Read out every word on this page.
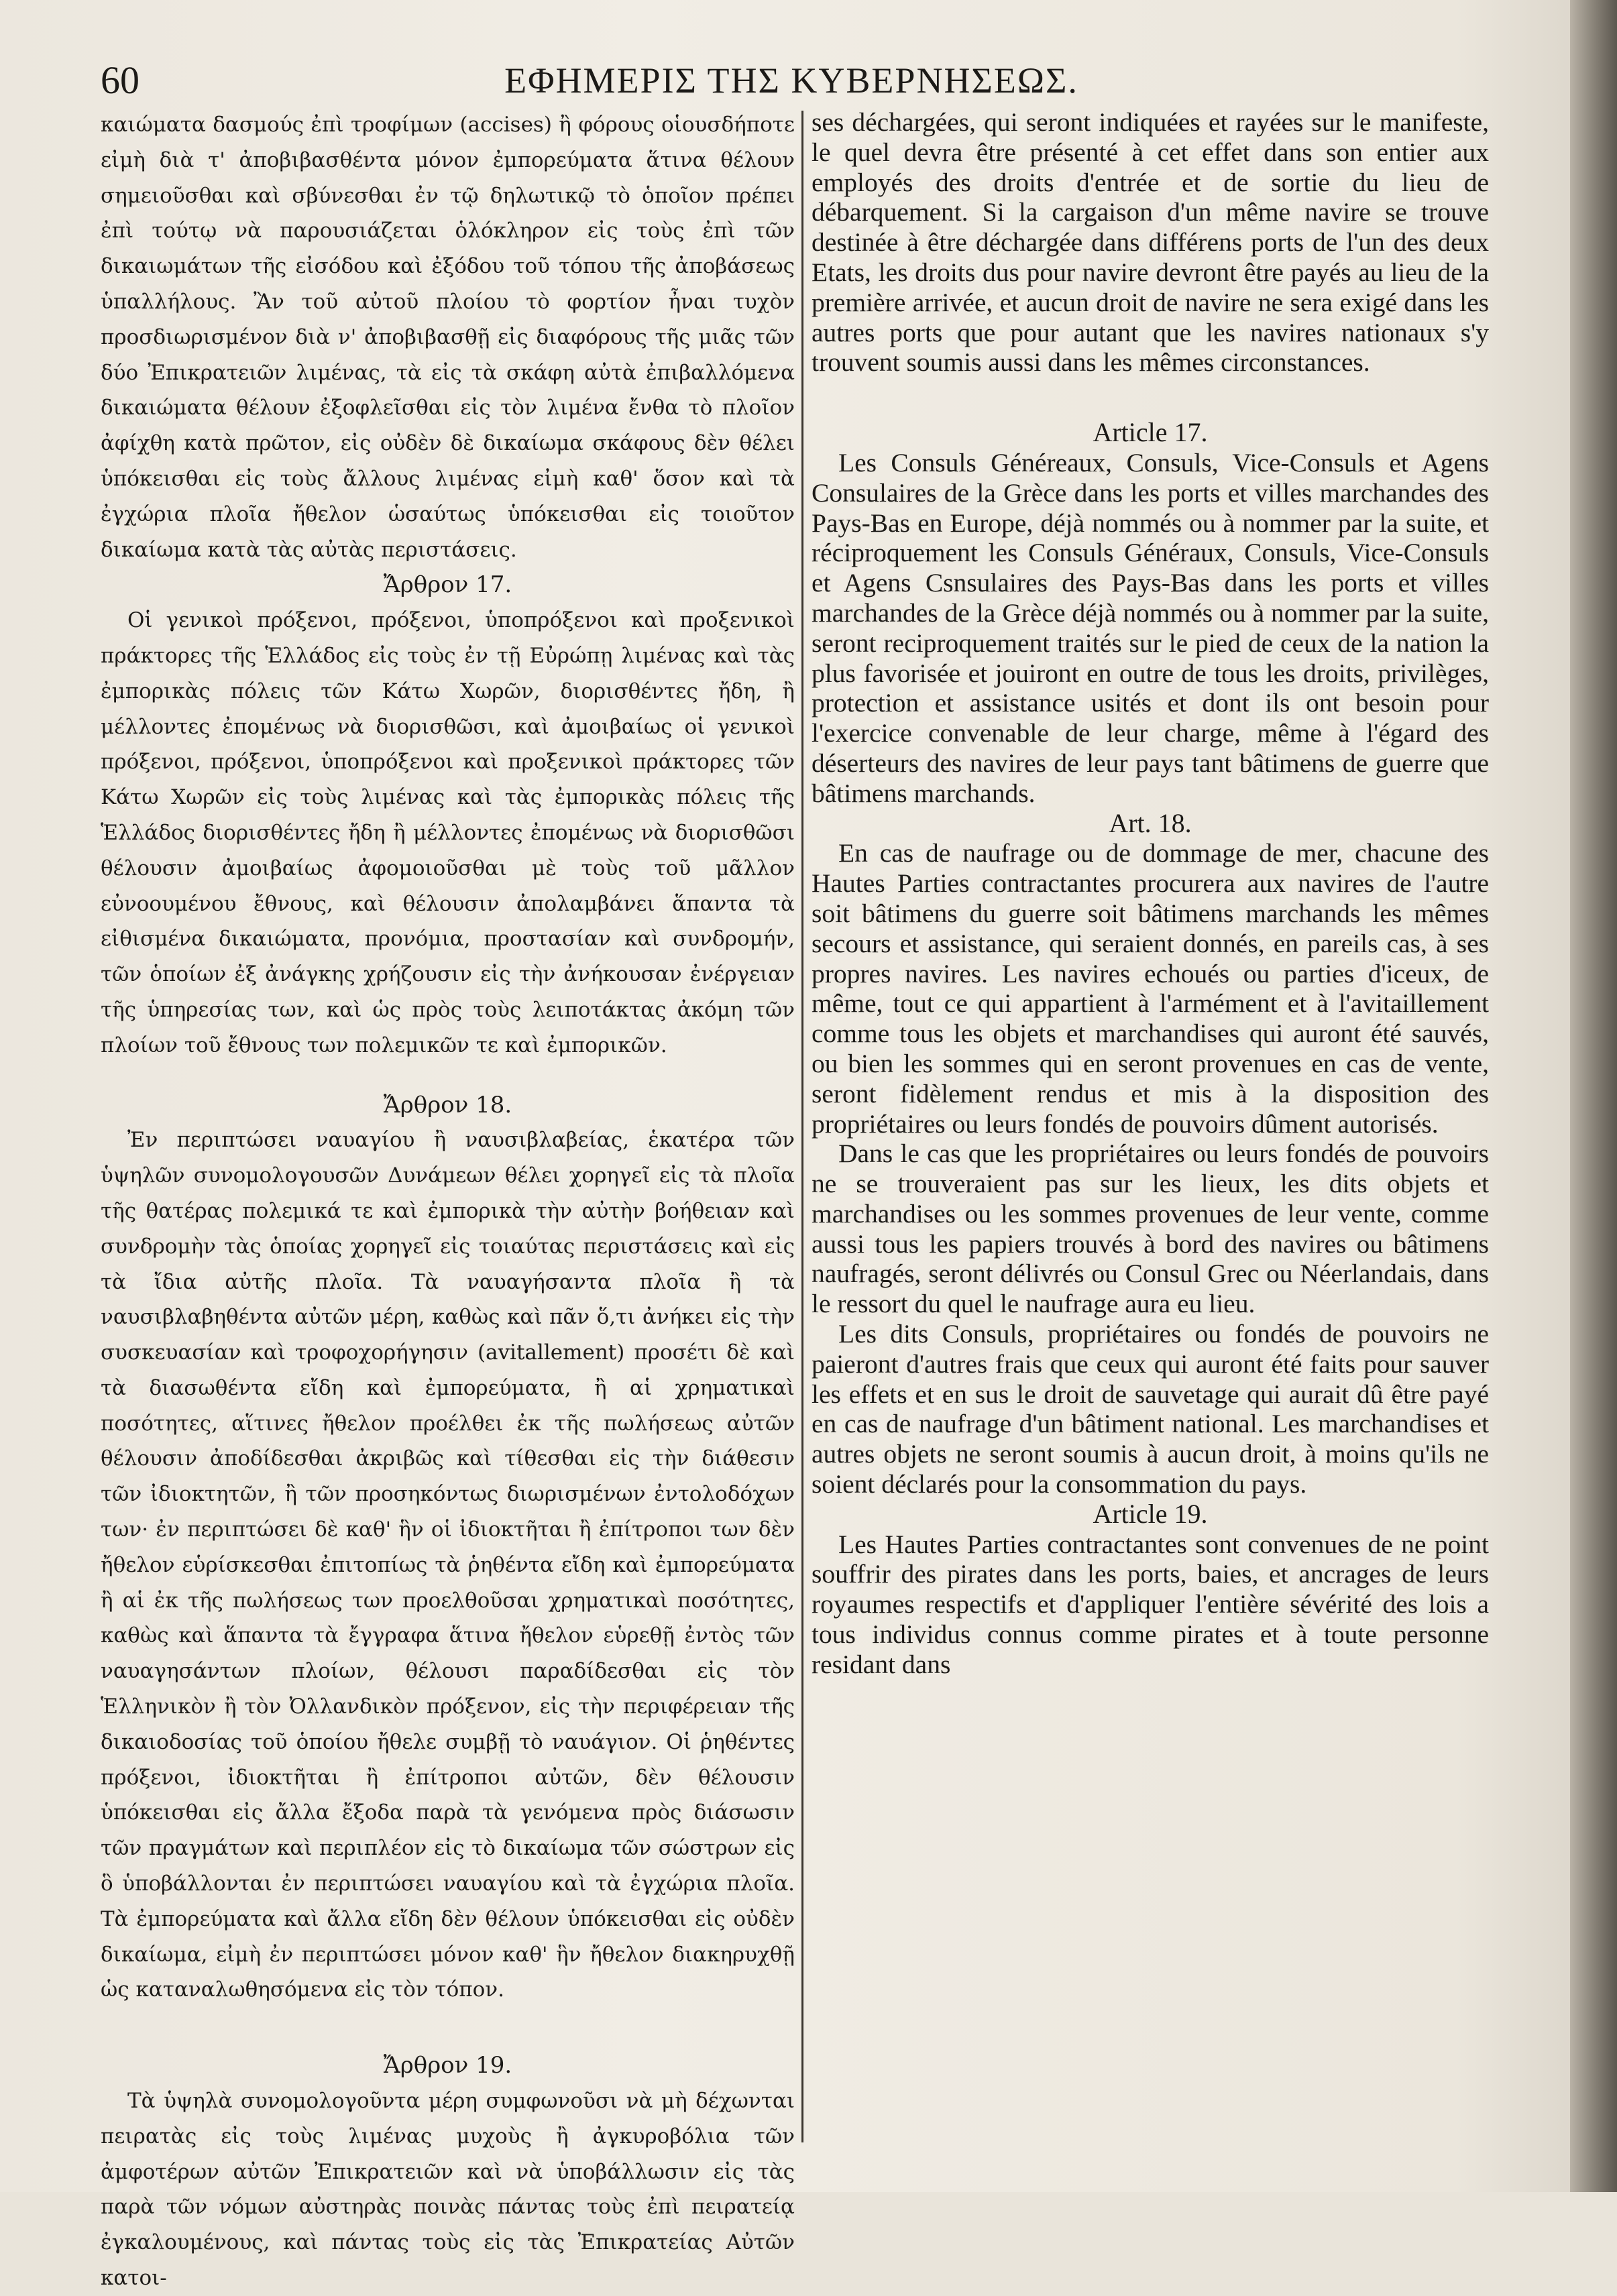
60	ΕΦΗΜΕΡΙΣ ΤΗΣ ΚΥΒΕΡΝΗΣΕΩΣ.

καιώματα δασμούς ἐπὶ τροφίμων (accises) ἢ φόρους οἱουσδήποτε εἰμὴ διὰ τ' ἀποβιβασθέντα μόνον ἐμπορεύματα ἅτινα θέλουν σημειοῦσθαι καὶ σβύνεσθαι ἐν τῷ δηλωτικῷ τὸ ὁποῖον πρέπει ἐπὶ τούτῳ νὰ παρουσιάζεται ὁλόκληρον εἰς τοὺς ἐπὶ τῶν δικαιωμάτων τῆς εἰσόδου καὶ ἐξόδου τοῦ τόπου τῆς ἀποβάσεως ὑπαλλήλους. Ἂν τοῦ αὐτοῦ πλοίου τὸ φορτίον ἦναι τυχὸν προσδιωρισμένον διὰ ν' ἀποβιβασθῇ εἰς διαφόρους τῆς μιᾶς τῶν δύο Ἐπικρατειῶν λιμένας, τὰ εἰς τὰ σκάφη αὐτὰ ἐπιβαλλόμενα δικαιώματα θέλουν ἐξοφλεῖσθαι εἰς τὸν λιμένα ἔνθα τὸ πλοῖον ἀφίχθη κατὰ πρῶτον, εἰς οὐδὲν δὲ δικαίωμα σκάφους δὲν θέλει ὑπόκεισθαι εἰς τοὺς ἄλλους λιμένας εἰμὴ καθ' ὅσον καὶ τὰ ἐγχώρια πλοῖα ἤθελον ὡσαύτως ὑπόκεισθαι εἰς τοιοῦτον δικαίωμα κατὰ τὰς αὐτὰς περιστάσεις.

Ἄρθρον 17.

Οἱ γενικοὶ πρόξενοι, πρόξενοι, ὑποπρόξενοι καὶ προξενικοὶ πράκτορες τῆς Ἑλλάδος εἰς τοὺς ἐν τῇ Εὐρώπῃ λιμένας καὶ τὰς ἐμπορικὰς πόλεις τῶν Κάτω Χωρῶν, διορισθέντες ἤδη, ἢ μέλλοντες ἐπομένως νὰ διορισθῶσι, καὶ ἀμοιβαίως οἱ γενικοὶ πρόξενοι, πρόξενοι, ὑποπρόξενοι καὶ προξενικοὶ πράκτορες τῶν Κάτω Χωρῶν εἰς τοὺς λιμένας καὶ τὰς ἐμπορικὰς πόλεις τῆς Ἑλλάδος διορισθέντες ἤδη ἢ μέλλοντες ἐπομένως νὰ διορισθῶσι θέλουσιν ἀμοιβαίως ἀφομοιοῦσθαι μὲ τοὺς τοῦ μᾶλλον εὐνοουμένου ἔθνους, καὶ θέλουσιν ἀπολαμβάνει ἅπαντα τὰ εἰθισμένα δικαιώματα, προνόμια, προστασίαν καὶ συνδρομήν, τῶν ὁποίων ἐξ ἀνάγκης χρήζουσιν εἰς τὴν ἀνήκουσαν ἐνέργειαν τῆς ὑπηρεσίας των, καὶ ὡς πρὸς τοὺς λειποτάκτας ἀκόμη τῶν πλοίων τοῦ ἔθνους των πολεμικῶν τε καὶ ἐμπορικῶν.

Ἄρθρον 18.

Ἐν περιπτώσει ναυαγίου ἢ ναυσιβλαβείας, ἑκατέρα τῶν ὑψηλῶν συνομολογουσῶν Δυνάμεων θέλει χορηγεῖ εἰς τὰ πλοῖα τῆς θατέρας πολεμικά τε καὶ ἐμπορικὰ τὴν αὐτὴν βοήθειαν καὶ συνδρομὴν τὰς ὁποίας χορηγεῖ εἰς τοιαύτας περιστάσεις καὶ εἰς τὰ ἴδια αὐτῆς πλοῖα. Τὰ ναυαγήσαντα πλοῖα ἢ τὰ ναυσιβλαβηθέντα αὐτῶν μέρη, καθὼς καὶ πᾶν ὅ,τι ἀνήκει εἰς τὴν συσκευασίαν καὶ τροφοχορήγησιν (avitallement) προσέτι δὲ καὶ τὰ διασωθέντα εἴδη καὶ ἐμπορεύματα, ἢ αἱ χρηματικαὶ ποσότητες, αἵτινες ἤθελον προέλθει ἐκ τῆς πωλήσεως αὐτῶν θέλουσιν ἀποδίδεσθαι ἀκριβῶς καὶ τίθεσθαι εἰς τὴν διάθεσιν τῶν ἰδιοκτητῶν, ἢ τῶν προσηκόντως διωρισμένων ἐντολοδόχων των· ἐν περιπτώσει δὲ καθ' ἣν οἱ ἰδιοκτῆται ἢ ἐπίτροποι των δὲν ἤθελον εὑρίσκεσθαι ἐπιτοπίως τὰ ῥηθέντα εἴδη καὶ ἐμπορεύματα ἢ αἱ ἐκ τῆς πωλήσεως των προελθοῦσαι χρηματικαὶ ποσότητες, καθὼς καὶ ἅπαντα τὰ ἔγγραφα ἅτινα ἤθελον εὑρεθῇ ἐντὸς τῶν ναυαγησάντων πλοίων, θέλουσι παραδίδεσθαι εἰς τὸν Ἑλληνικὸν ἢ τὸν Ὀλλανδικὸν πρόξενον, εἰς τὴν περιφέρειαν τῆς δικαιοδοσίας τοῦ ὁποίου ἤθελε συμβῇ τὸ ναυάγιον. Οἱ ῥηθέντες πρόξενοι, ἰδιοκτῆται ἢ ἐπίτροποι αὐτῶν, δὲν θέλουσιν ὑπόκεισθαι εἰς ἄλλα ἔξοδα παρὰ τὰ γενόμενα πρὸς διάσωσιν τῶν πραγμάτων καὶ περιπλέον εἰς τὸ δικαίωμα τῶν σώστρων εἰς ὃ ὑποβάλλονται ἐν περιπτώσει ναυαγίου καὶ τὰ ἐγχώρια πλοῖα. Τὰ ἐμπορεύματα καὶ ἄλλα εἴδη δὲν θέλουν ὑπόκεισθαι εἰς οὐδὲν δικαίωμα, εἰμὴ ἐν περιπτώσει μόνον καθ' ἣν ἤθελον διακηρυχθῇ ὡς καταναλωθησόμενα εἰς τὸν τόπον.

Ἄρθρον 19.

Τὰ ὑψηλὰ συνομολογοῦντα μέρη συμφωνοῦσι νὰ μὴ δέχωνται πειρατὰς εἰς τοὺς λιμένας μυχοὺς ἢ ἀγκυροβόλια τῶν ἀμφοτέρων αὐτῶν Ἐπικρατειῶν καὶ νὰ ὑποβάλλωσιν εἰς τὰς παρὰ τῶν νόμων αὐστηρὰς ποινὰς πάντας τοὺς ἐπὶ πειρατείᾳ ἐγκαλουμένους, καὶ πάντας τοὺς εἰς τὰς Ἐπικρατείας Αὐτῶν κατοι-

ses déchargées, qui seront indiquées et rayées sur le manifeste, le quel devra être présenté à cet effet dans son entier aux employés des droits d'entrée et de sortie du lieu de débarquement. Si la cargaison d'un même navire se trouve destinée à être déchargée dans différens ports de l'un des deux Etats, les droits dus pour navire devront être payés au lieu de la première arrivée, et aucun droit de navire ne sera exigé dans les autres ports que pour autant que les navires nationaux s'y trouvent soumis aussi dans les mêmes circonstances.

Article 17.

Les Consuls Généreaux, Consuls, Vice-Consuls et Agens Consulaires de la Grèce dans les ports et villes marchandes des Pays-Bas en Europe, déjà nommés ou à nommer par la suite, et réciproquement les Consuls Généraux, Consuls, Vice-Consuls et Agens Csnsulaires des Pays-Bas dans les ports et villes marchandes de la Grèce déjà nommés ou à nommer par la suite, seront reciproquement traités sur le pied de ceux de la nation la plus favorisée et jouiront en outre de tous les droits, privilèges, protection et assistance usités et dont ils ont besoin pour l'exercice convenable de leur charge, même à l'égard des déserteurs des navires de leur pays tant bâtimens de guerre que bâtimens marchands.

Art. 18.

En cas de naufrage ou de dommage de mer, chacune des Hautes Parties contractantes procurera aux navires de l'autre soit bâtimens du guerre soit bâtimens marchands les mêmes secours et assistance, qui seraient donnés, en pareils cas, à ses propres navires. Les navires echoués ou parties d'iceux, de même, tout ce qui appartient à l'armément et à l'avitaillement comme tous les objets et marchandises qui auront été sauvés, ou bien les sommes qui en seront provenues en cas de vente, seront fidèlement rendus et mis à la disposition des propriétaires ou leurs fondés de pouvoirs dûment autorisés.

Dans le cas que les propriétaires ou leurs fondés de pouvoirs ne se trouveraient pas sur les lieux, les dits objets et marchandises ou les sommes provenues de leur vente, comme aussi tous les papiers trouvés à bord des navires ou bâtimens naufragés, seront délivrés ou Consul Grec ou Néerlandais, dans le ressort du quel le naufrage aura eu lieu.

Les dits Consuls, propriétaires ou fondés de pouvoirs ne paieront d'autres frais que ceux qui auront été faits pour sauver les effets et en sus le droit de sauvetage qui aurait dû être payé en cas de naufrage d'un bâtiment national. Les marchandises et autres objets ne seront soumis à aucun droit, à moins qu'ils ne soient déclarés pour la consommation du pays.

Article 19.

Les Hautes Parties contractantes sont convenues de ne point souffrir des pirates dans les ports, baies, et ancrages de leurs royaumes respectifs et d'appliquer l'entière sévérité des lois a tous individus connus comme pirates et à toute personne residant dans
